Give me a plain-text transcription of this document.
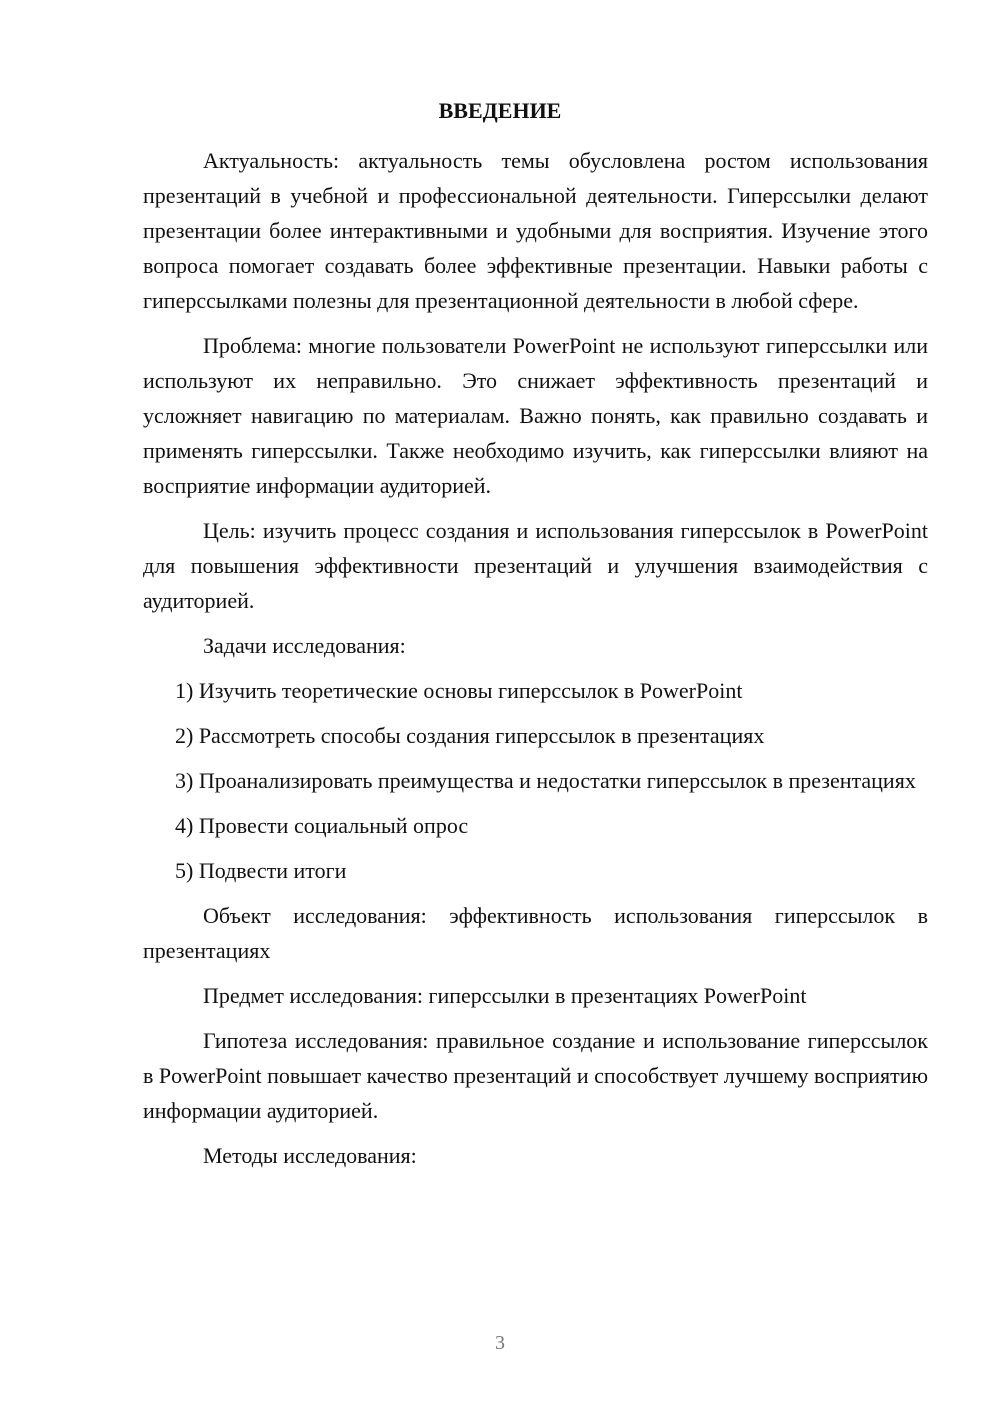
ВВЕДЕНИЕ

Актуальность: актуальность темы обусловлена ростом использования презентаций в учебной и профессиональной деятельности. Гиперссылки делают презентации более интерактивными и удобными для восприятия. Изучение этого вопроса помогает создавать более эффективные презентации. Навыки работы с гиперссылками полезны для презентационной деятельности в любой сфере.

Проблема: многие пользователи PowerPoint не используют гиперссылки или используют их неправильно. Это снижает эффективность презентаций и усложняет навигацию по материалам. Важно понять, как правильно создавать и применять гиперссылки. Также необходимо изучить, как гиперссылки влияют на восприятие информации аудиторией.

Цель: изучить процесс создания и использования гиперссылок в PowerPoint для повышения эффективности презентаций и улучшения взаимодействия с аудиторией.

Задачи исследования:

1) Изучить теоретические основы гиперссылок в PowerPoint

2) Рассмотреть способы создания гиперссылок в презентациях

3) Проанализировать преимущества и недостатки гиперссылок в презентациях

4) Провести социальный опрос

5) Подвести итоги

Объект исследования: эффективность использования гиперссылок в презентациях

Предмет исследования: гиперссылки в презентациях PowerPoint

Гипотеза исследования: правильное создание и использование гиперссылок в PowerPoint повышает качество презентаций и способствует лучшему восприятию информации аудиторией.

Методы исследования:

3
